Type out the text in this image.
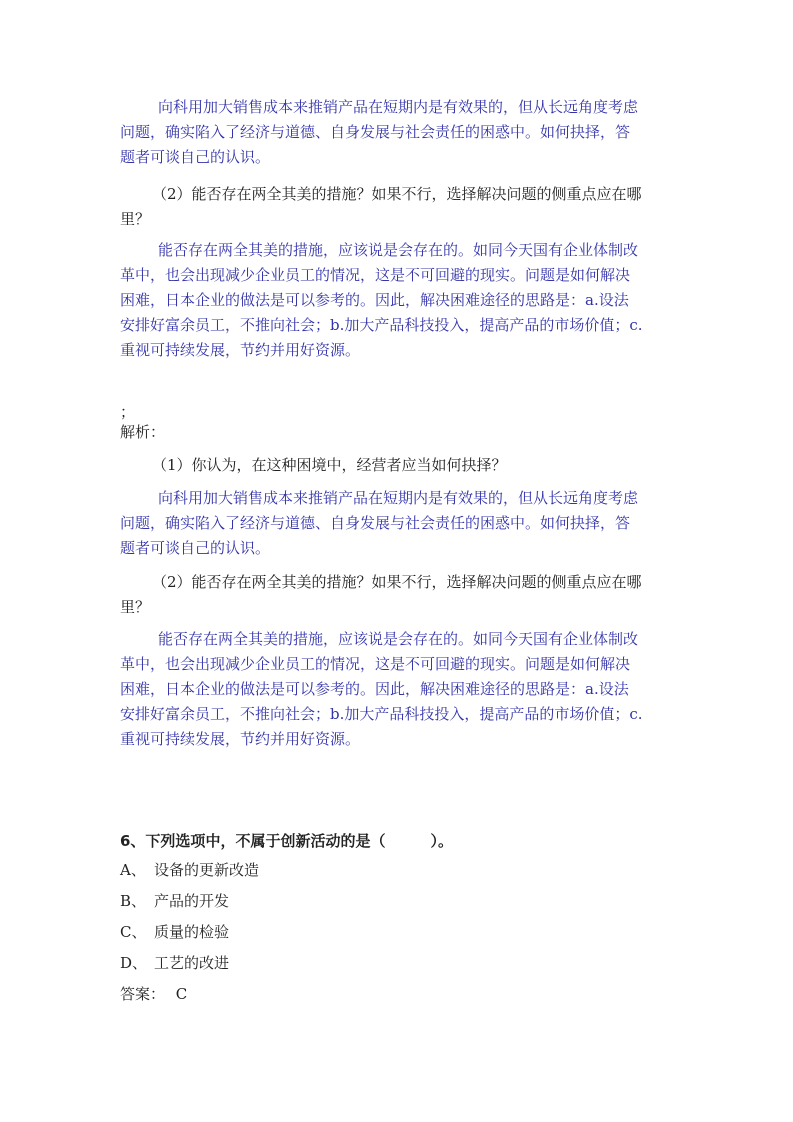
向科用加大销售成本来推销产品在短期内是有效果的，但从长远角度考虑
问题，确实陷入了经济与道德、自身发展与社会责任的困惑中。如何抉择，答
题者可谈自己的认识。
（2）能否存在两全其美的措施？如果不行，选择解决问题的侧重点应在哪
里？
能否存在两全其美的措施，应该说是会存在的。如同今天国有企业体制改
革中，也会出现减少企业员工的情况，这是不可回避的现实。问题是如何解决
困难，日本企业的做法是可以参考的。因此，解决困难途径的思路是：a.设法
安排好富余员工，不推向社会；b.加大产品科技投入，提高产品的市场价值；c.
重视可持续发展，节约并用好资源。
；
解析：
（1）你认为，在这种困境中，经营者应当如何抉择？
向科用加大销售成本来推销产品在短期内是有效果的，但从长远角度考虑
问题，确实陷入了经济与道德、自身发展与社会责任的困惑中。如何抉择，答
题者可谈自己的认识。
（2）能否存在两全其美的措施？如果不行，选择解决问题的侧重点应在哪
里？
能否存在两全其美的措施，应该说是会存在的。如同今天国有企业体制改
革中，也会出现减少企业员工的情况，这是不可回避的现实。问题是如何解决
困难，日本企业的做法是可以参考的。因此，解决困难途径的思路是：a.设法
安排好富余员工，不推向社会；b.加大产品科技投入，提高产品的市场价值；c.
重视可持续发展，节约并用好资源。
6、下列选项中，不属于创新活动的是（　　　）。
A、 设备的更新改造
B、 产品的开发
C、 质量的检验
D、 工艺的改进
答案： C
